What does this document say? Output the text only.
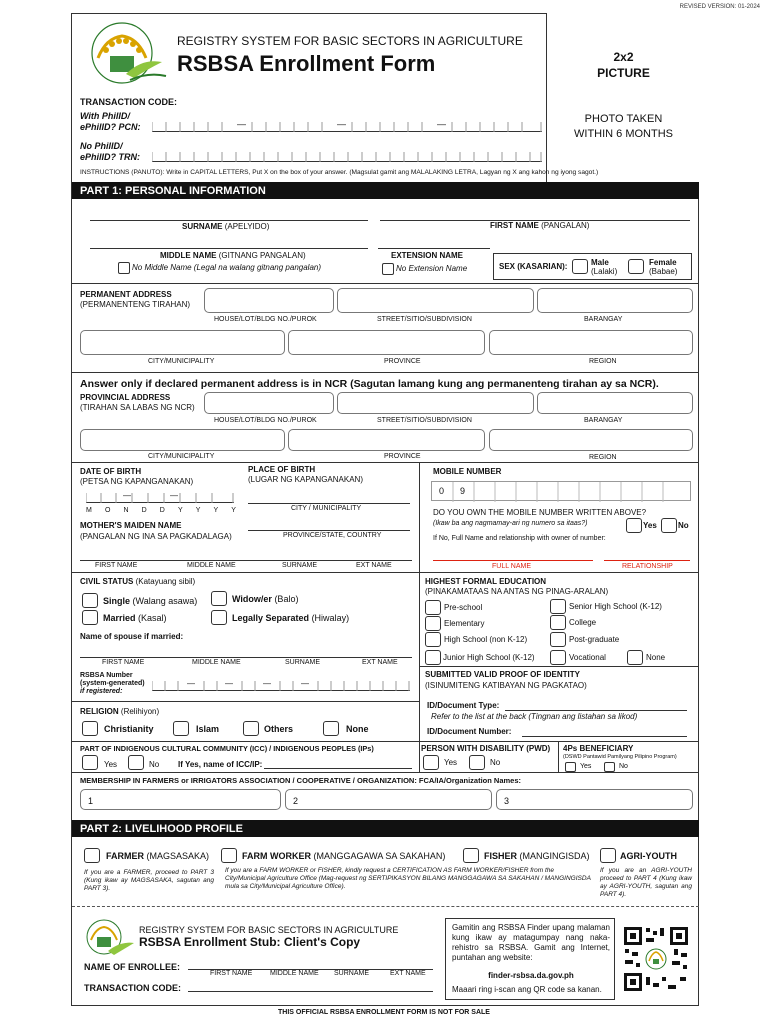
REVISED VERSION: 01-2024
REGISTRY SYSTEM FOR BASIC SECTORS IN AGRICULTURE
RSBSA Enrollment Form	2x2
PICTURE
PHOTO TAKEN
WITHIN 6 MONTHS
TRANSACTION CODE:
With PhilID/
ePhilID? PCN:	—	—	—
No PhilID/
ePhilID? TRN:
INSTRUCTIONS (PANUTO): Write in CAPITAL LETTERS, Put X on the box of your answer. (Magsulat gamit ang MALALAKING LETRA, Lagyan ng X ang kahon ng iyong sagot.)
PART 1: PERSONAL INFORMATION
SURNAME (APELYIDO)	FIRST NAME (PANGALAN)
MIDDLE NAME (GITNANG PANGALAN)	EXTENSION NAME
No Middle Name (Legal na walang gitnang pangalan)	No Extension Name	SEX (KASARIAN):	Male
(Lalaki)
Female
(Babae)
PERMANENT ADDRESS
(PERMANENTENG TIRAHAN)
HOUSE/LOT/BLDG NO./PUROK	STREET/SITIO/SUBDIVISION	BARANGAY
CITY/MUNICIPALITY	PROVINCE	REGION
Answer only if declared permanent address is in NCR (Sagutan lamang kung ang permanenteng tirahan ay sa NCR).
PROVINCIAL ADDRESS
(TIRAHAN SA LABAS NG NCR)
HOUSE/LOT/BLDG NO./PUROK	STREET/SITIO/SUBDIVISION	BARANGAY
CITY/MUNICIPALITY	PROVINCE	REGION
DATE OF BIRTH
(PETSA NG KAPANGANAKAN)
—	—
M O N D D Y Y Y Y
PLACE OF BIRTH
(LUGAR NG KAPANGANAKAN)
CITY / MUNICIPALITY
PROVINCE/STATE, COUNTRY
MOTHER'S MAIDEN NAME
(PANGALAN NG INA SA PAGKADALAGA)
FIRST NAME	MIDDLE NAME	SURNAME	EXT NAME
MOBILE NUMBER
0 9
DO YOU OWN THE MOBILE NUMBER WRITTEN ABOVE?
(Ikaw ba ang nagmamay-ari ng numero sa itaas?)	Yes	No
If No, Full Name and relationship with owner of number:
FULL NAME	RELATIONSHIP
CIVIL STATUS (Katayuang sibil)
Single (Walang asawa)
Married (Kasal)
Widow/er (Balo)
Legally Separated (Hiwalay)
Name of spouse if married:
FIRST NAME	MIDDLE NAME	SURNAME	EXT NAME
RSBSA Number
(system-generated)
if registered:
—	—	—	—
RELIGION (Relihiyon)
Christianity	Islam	Others	None
HIGHEST FORMAL EDUCATION
(PINAKAMATAAS NA ANTAS NG PINAG-ARALAN)
Pre-school
Elementary
High School (non K-12)
Junior High School (K-12)
Senior High School (K-12)
College
Post-graduate
Vocational	None
SUBMITTED VALID PROOF OF IDENTITY
(ISINUMITENG KATIBAYAN NG PAGKATAO)
ID/Document Type:
Refer to the list at the back (Tingnan ang listahan sa likod)
ID/Document Number:
PART OF INDIGENOUS CULTURAL COMMUNITY (ICC) / INDIGENOUS PEOPLES (IPs)
Yes	No If Yes, name of ICC/IP:
PERSON WITH DISABILITY (PWD)
Yes	No
4Ps BENEFICIARY
(DSWD Pantawid Pamilyang Pilipino Program)
Yes	No
MEMBERSHIP IN FARMERS or IRRIGATORS ASSOCIATION / COOPERATIVE / ORGANIZATION: FCA/IA/Organization Names:
1	2	3
PART 2: LIVELIHOOD PROFILE
FARMER (MAGSASAKA)	FARM WORKER (MANGGAGAWA SA SAKAHAN)	FISHER (MANGINGISDA)	AGRI-YOUTH
If you are a FARMER, proceed to PART 3 (Kung ikaw ay MAGSASAKA, sagutan ang PART 3).
If you are a FARM WORKER or FISHER, kindly request a CERTIFICATION AS FARM WORKER/FISHER from the City/Municipal Agriculture Office (Mag-request ng SERTIPIKASYON BILANG MANGGAGAWA SA SAKAHAN / MANGINGISDA mula sa City/Municipal Agriculture Office).
If you are an AGRI-YOUTH proceed to PART 4 (Kung ikaw ay AGRI-YOUTH, sagutan ang PART 4).
REGISTRY SYSTEM FOR BASIC SECTORS IN AGRICULTURE
RSBSA Enrollment Stub: Client's Copy
NAME OF ENROLLEE:
FIRST NAME	MIDDLE NAME SURNAME	EXT NAME
TRANSACTION CODE:
Gamitin ang RSBSA Finder upang malaman kung ikaw ay matagumpay nang naka-rehistro sa RSBSA. Gamit ang Internet, puntahan ang website:
finder-rsbsa.da.gov.ph
Maaari ring i-scan ang QR code sa kanan.
THIS OFFICIAL RSBSA ENROLLMENT FORM IS NOT FOR SALE
